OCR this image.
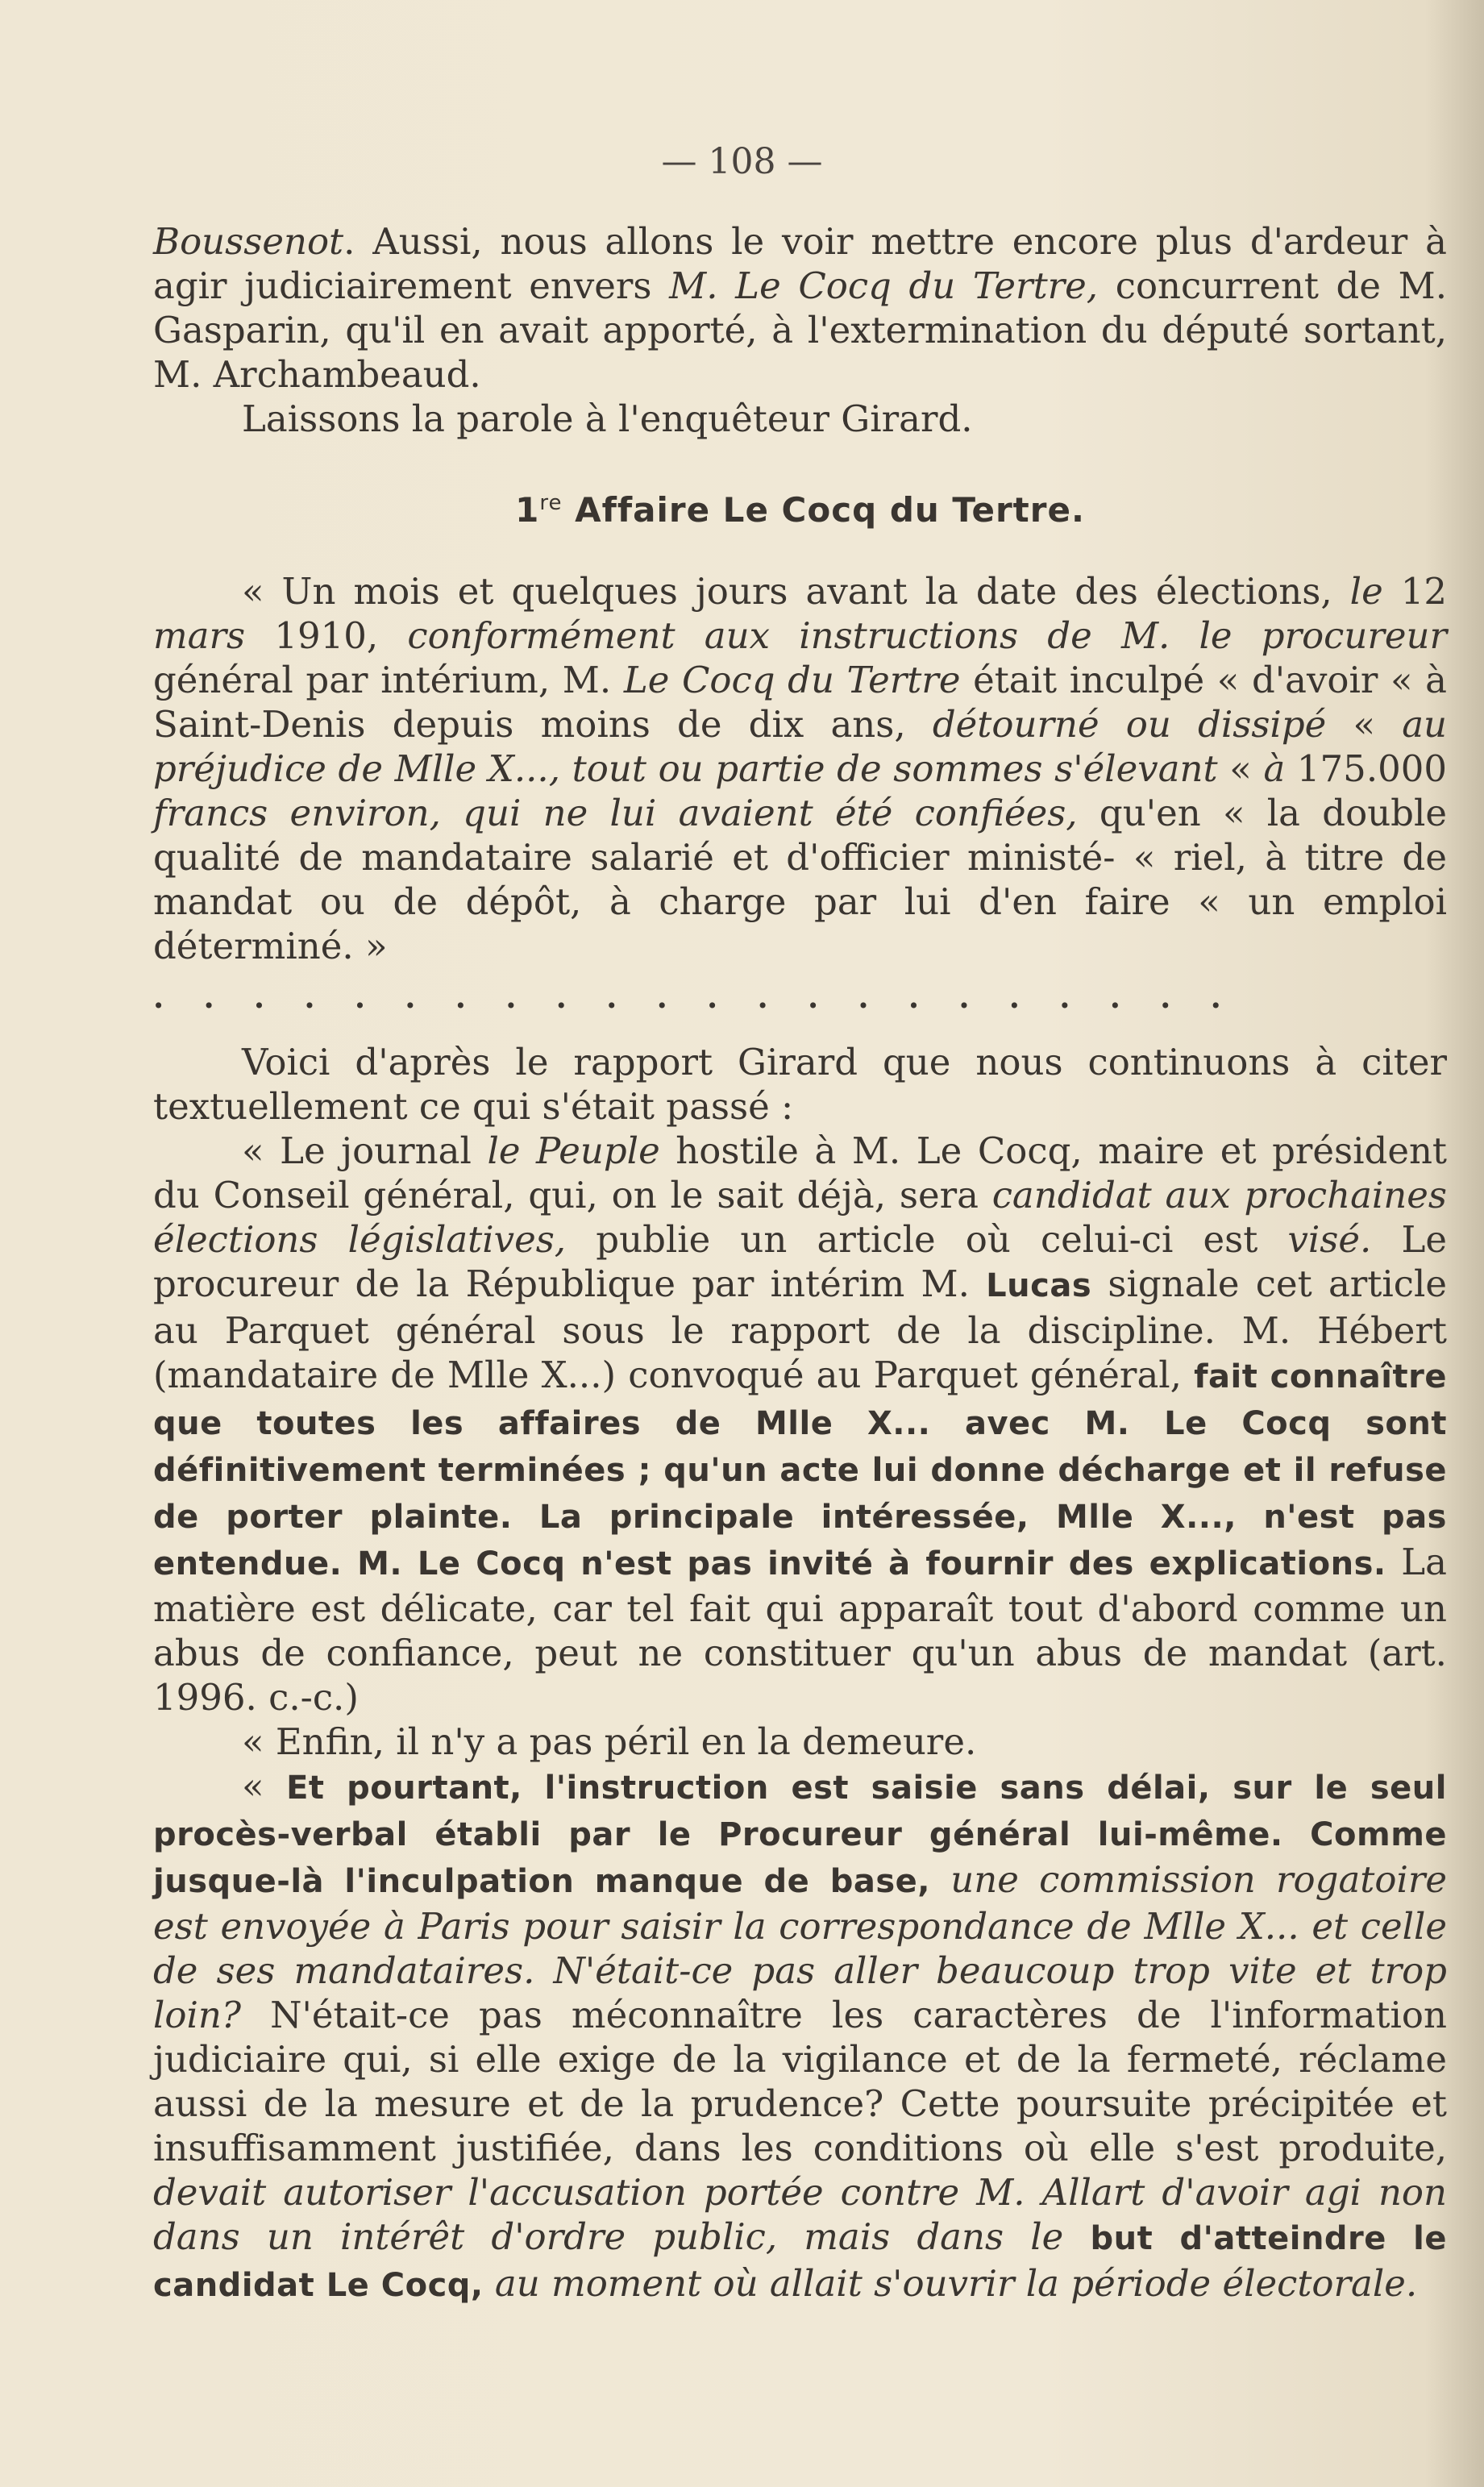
— 108 —

Boussenot. Aussi, nous allons le voir mettre encore plus d'ardeur à agir judiciairement envers M. Le Cocq du Tertre, concurrent de M. Gasparin, qu'il en avait apporté, à l'extermination du député sortant, M. Archambeaud.

Laissons la parole à l'enquêteur Girard.

1re Affaire Le Cocq du Tertre.

« Un mois et quelques jours avant la date des élections, le 12 mars 1910, conformément aux instructions de M. le procureur général par intérium, M. Le Cocq du Tertre était inculpé « d'avoir « à Saint-Denis depuis moins de dix ans, détourné ou dissipé « au préjudice de Mlle X..., tout ou partie de sommes s'élevant « à 175.000 francs environ, qui ne lui avaient été confiées, qu'en « la double qualité de mandataire salarié et d'officier ministé- « riel, à titre de mandat ou de dépôt, à charge par lui d'en faire « un emploi déterminé. »

. . . . . . . . . . . . . . . . . . . . . .

Voici d'après le rapport Girard que nous continuons à citer textuellement ce qui s'était passé :

« Le journal le Peuple hostile à M. Le Cocq, maire et président du Conseil général, qui, on le sait déjà, sera candidat aux prochaines élections législatives, publie un article où celui-ci est visé. Le procureur de la République par intérim M. Lucas signale cet article au Parquet général sous le rapport de la discipline. M. Hébert (mandataire de Mlle X...) convoqué au Parquet général, fait connaître que toutes les affaires de Mlle X... avec M. Le Cocq sont définitivement terminées ; qu'un acte lui donne décharge et il refuse de porter plainte. La principale intéressée, Mlle X..., n'est pas entendue. M. Le Cocq n'est pas invité à fournir des explications. La matière est délicate, car tel fait qui apparaît tout d'abord comme un abus de confiance, peut ne constituer qu'un abus de mandat (art. 1996. c.-c.)

« Enfin, il n'y a pas péril en la demeure.

« Et pourtant, l'instruction est saisie sans délai, sur le seul procès-verbal établi par le Procureur général lui-même. Comme jusque-là l'inculpation manque de base, une commission rogatoire est envoyée à Paris pour saisir la correspondance de Mlle X... et celle de ses mandataires. N'était-ce pas aller beaucoup trop vite et trop loin? N'était-ce pas méconnaître les caractères de l'information judiciaire qui, si elle exige de la vigilance et de la fermeté, réclame aussi de la mesure et de la prudence? Cette poursuite précipitée et insuffisamment justifiée, dans les conditions où elle s'est produite, devait autoriser l'accusation portée contre M. Allart d'avoir agi non dans un intérêt d'ordre public, mais dans le but d'atteindre le candidat Le Cocq, au moment où allait s'ouvrir la période électorale.
